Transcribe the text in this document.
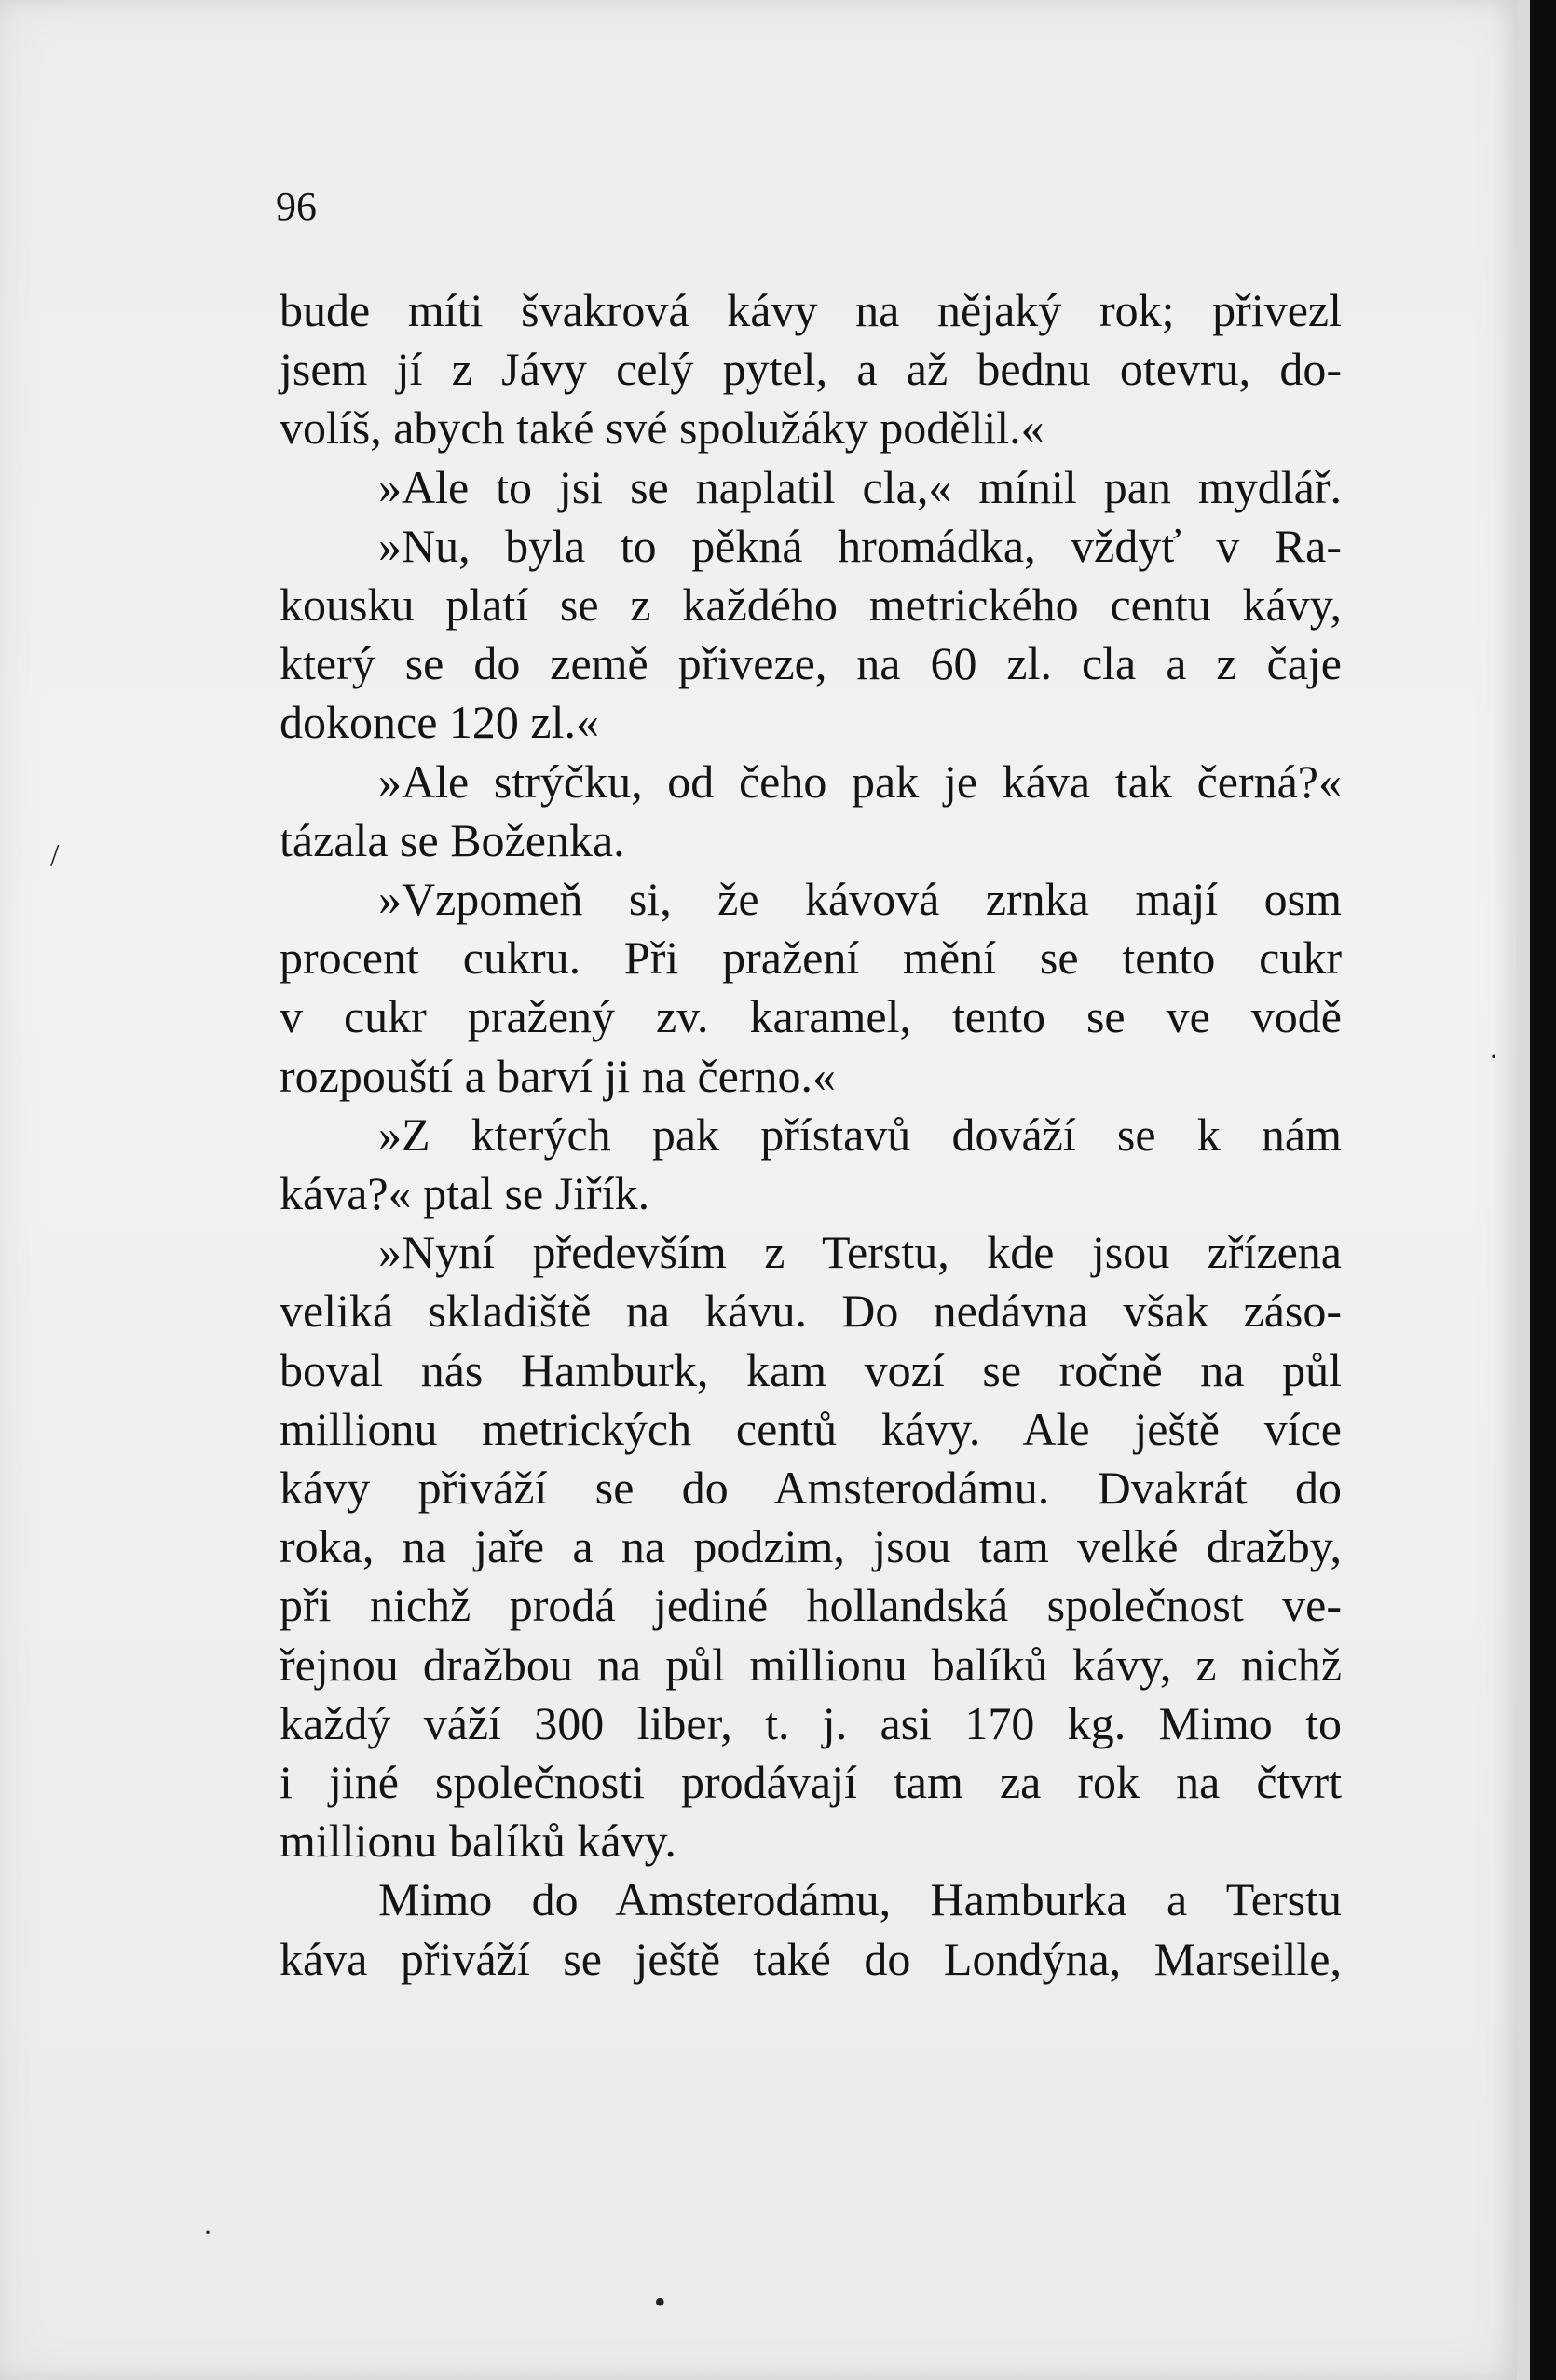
96
bude míti švakrová kávy na nějaký rok; přivezl
jsem jí z Jávy celý pytel, a až bednu otevru, do-
volíš, abych také své spolužáky podělil.«
»Ale to jsi se naplatil cla,« mínil pan mydlář.
»Nu, byla to pěkná hromádka, vždyť v Ra-
kousku platí se z každého metrického centu kávy,
který se do země přiveze, na 60 zl. cla a z čaje
dokonce 120 zl.«
»Ale strýčku, od čeho pak je káva tak černá?«
tázala se Boženka.
»Vzpomeň si, že kávová zrnka mají osm
procent cukru. Při pražení mění se tento cukr
v cukr pražený zv. karamel, tento se ve vodě
rozpouští a barví ji na černo.«
»Z kterých pak přístavů dováží se k nám
káva?« ptal se Jiřík.
»Nyní především z Terstu, kde jsou zřízena
veliká skladiště na kávu. Do nedávna však záso-
boval nás Hamburk, kam vozí se ročně na půl
millionu metrických centů kávy. Ale ještě více
kávy přiváží se do Amsterodámu. Dvakrát do
roka, na jaře a na podzim, jsou tam velké dražby,
při nichž prodá jediné hollandská společnost ve-
řejnou dražbou na půl millionu balíků kávy, z nichž
každý váží 300 liber, t. j. asi 170 kg. Mimo to
i jiné společnosti prodávají tam za rok na čtvrt
millionu balíků kávy.
Mimo do Amsterodámu, Hamburka a Terstu
káva přiváží se ještě také do Londýna, Marseille,
/
·
·
•
